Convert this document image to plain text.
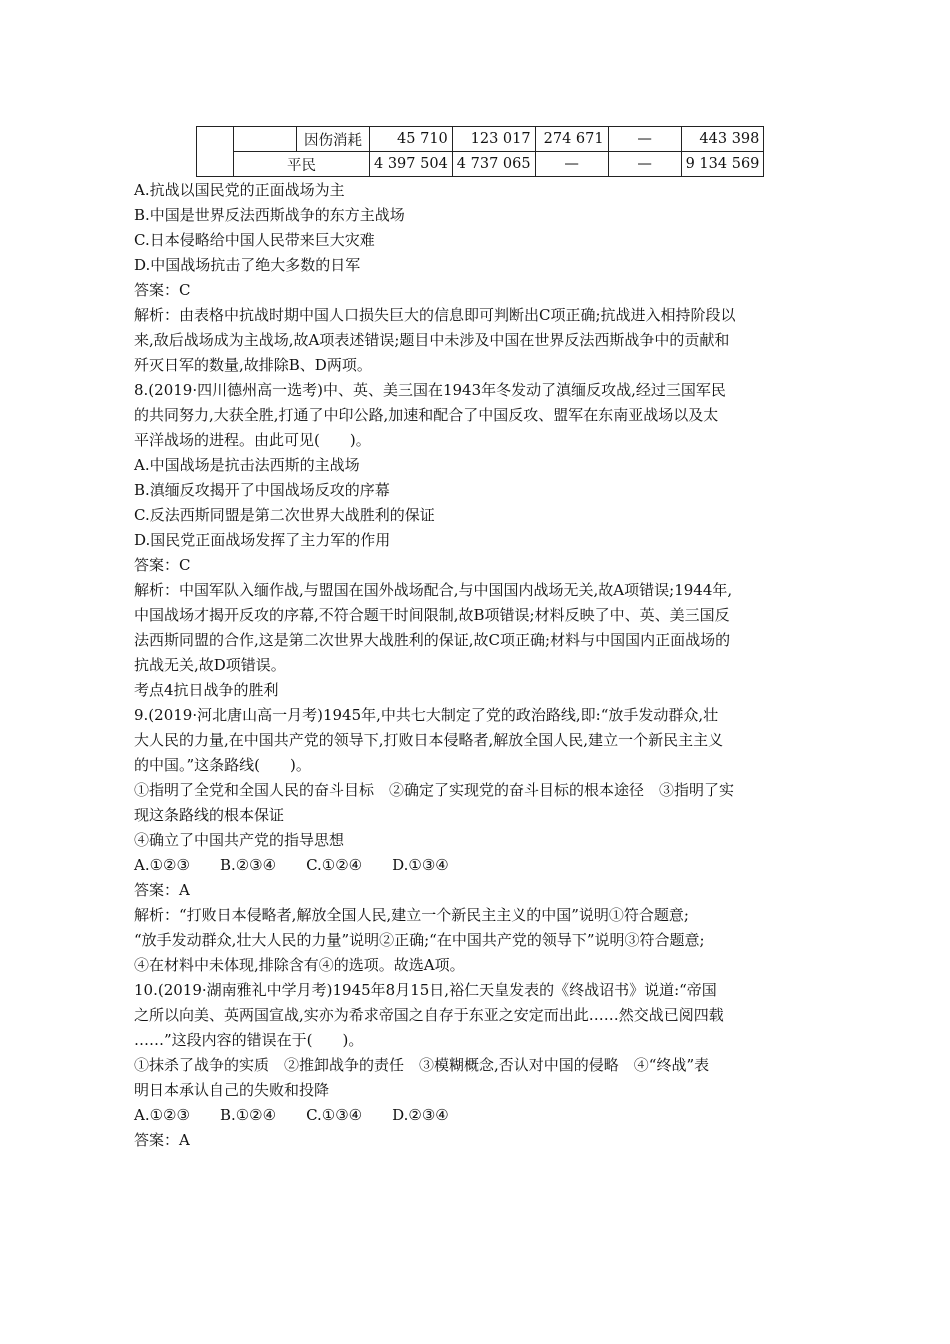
		因伤消耗	45 710	123 017	274 671	—	443 398
	平民		4 397 504	4 737 065	—	—	9 134 569
A.抗战以国民党的正面战场为主
B.中国是世界反法西斯战争的东方主战场
C.日本侵略给中国人民带来巨大灾难
D.中国战场抗击了绝大多数的日军
答案：C
解析：由表格中抗战时期中国人口损失巨大的信息即可判断出C项正确;抗战进入相持阶段以
来,敌后战场成为主战场,故A项表述错误;题目中未涉及中国在世界反法西斯战争中的贡献和
歼灭日军的数量,故排除B、D两项。
8.(2019·四川德州高一选考)中、英、美三国在1943年冬发动了滇缅反攻战,经过三国军民
的共同努力,大获全胜,打通了中印公路,加速和配合了中国反攻、盟军在东南亚战场以及太
平洋战场的进程。由此可见(　　)。
A.中国战场是抗击法西斯的主战场
B.滇缅反攻揭开了中国战场反攻的序幕
C.反法西斯同盟是第二次世界大战胜利的保证
D.国民党正面战场发挥了主力军的作用
答案：C
解析：中国军队入缅作战,与盟国在国外战场配合,与中国国内战场无关,故A项错误;1944年,
中国战场才揭开反攻的序幕,不符合题干时间限制,故B项错误;材料反映了中、英、美三国反
法西斯同盟的合作,这是第二次世界大战胜利的保证,故C项正确;材料与中国国内正面战场的
抗战无关,故D项错误。
考点4抗日战争的胜利
9.(2019·河北唐山高一月考)1945年,中共七大制定了党的政治路线,即:“放手发动群众,壮
大人民的力量,在中国共产党的领导下,打败日本侵略者,解放全国人民,建立一个新民主主义
的中国。”这条路线(　　)。
①指明了全党和全国人民的奋斗目标　②确定了实现党的奋斗目标的根本途径　③指明了实
现这条路线的根本保证
④确立了中国共产党的指导思想
A.①②③　　B.②③④　　C.①②④　　D.①③④
答案：A
解析：“打败日本侵略者,解放全国人民,建立一个新民主主义的中国”说明①符合题意;
“放手发动群众,壮大人民的力量”说明②正确;“在中国共产党的领导下”说明③符合题意;
④在材料中未体现,排除含有④的选项。故选A项。
10.(2019·湖南雅礼中学月考)1945年8月15日,裕仁天皇发表的《终战诏书》说道:“帝国
之所以向美、英两国宣战,实亦为希求帝国之自存于东亚之安定而出此……然交战已阅四载
……”这段内容的错误在于(　　)。
①抹杀了战争的实质　②推卸战争的责任　③模糊概念,否认对中国的侵略　④“终战”表
明日本承认自己的失败和投降
A.①②③　　B.①②④　　C.①③④　　D.②③④
答案：A
